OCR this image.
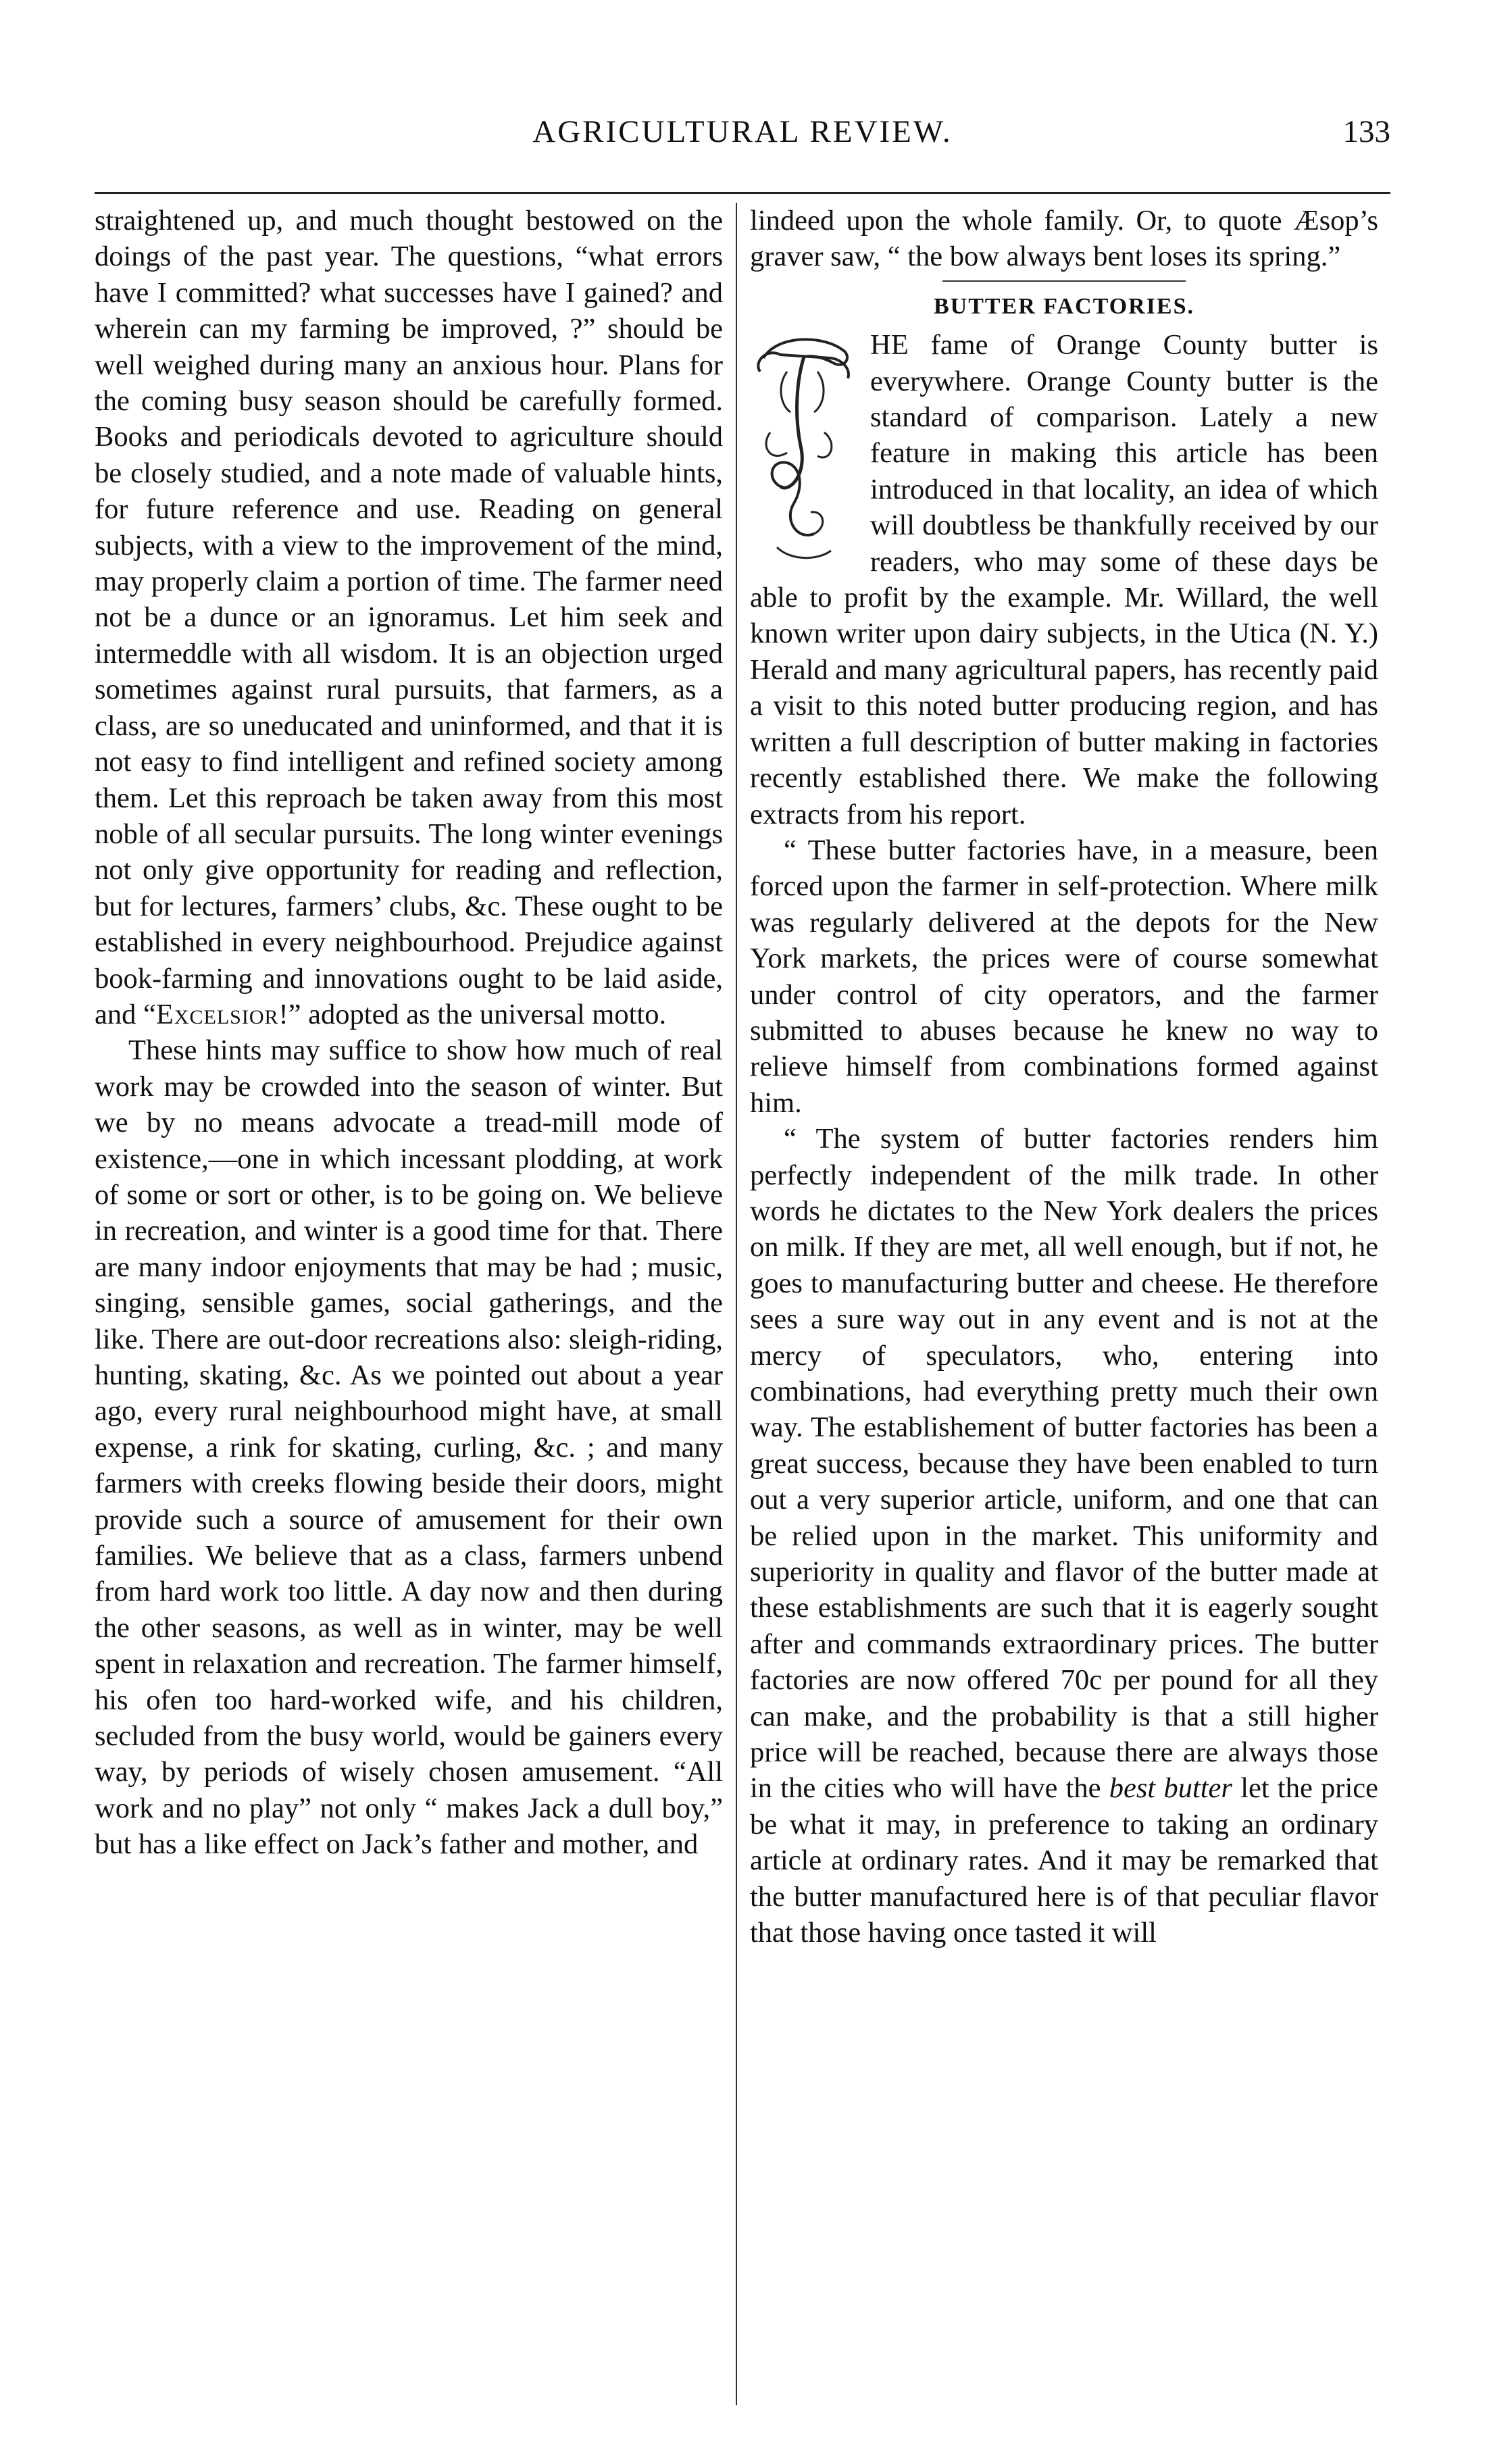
AGRICULTURAL REVIEW.	133

straightened up, and much thought bestowed on the doings of the past year. The questions, “what errors have I committed? what successes have I gained? and wherein can my farming be improved, ?” should be well weighed during many an anxious hour. Plans for the coming busy season should be carefully formed. Books and periodicals devoted to agriculture should be closely studied, and a note made of valuable hints, for future reference and use. Reading on general subjects, with a view to the improvement of the mind, may properly claim a portion of time. The farmer need not be a dunce or an ignoramus. Let him seek and intermeddle with all wisdom. It is an objection urged sometimes against rural pursuits, that farmers, as a class, are so uneducated and uninformed, and that it is not easy to find intelligent and refined society among them. Let this reproach be taken away from this most noble of all secular pursuits. The long winter evenings not only give opportunity for reading and reflection, but for lectures, farmers’ clubs, &c. These ought to be established in every neighbourhood. Prejudice against book-farming and innovations ought to be laid aside, and “Excelsior!” adopted as the universal motto.

These hints may suffice to show how much of real work may be crowded into the season of winter. But we by no means advocate a tread-mill mode of existence,—one in which incessant plodding, at work of some or sort or other, is to be going on. We believe in recreation, and winter is a good time for that. There are many indoor enjoyments that may be had ; music, singing, sensible games, social gatherings, and the like. There are out-door recreations also: sleigh-riding, hunting, skating, &c. As we pointed out about a year ago, every rural neighbourhood might have, at small expense, a rink for skating, curling, &c. ; and many farmers with creeks flowing beside their doors, might provide such a source of amusement for their own families. We believe that as a class, farmers unbend from hard work too little. A day now and then during the other seasons, as well as in winter, may be well spent in relaxation and recreation. The farmer himself, his ofen too hard-worked wife, and his children, secluded from the busy world, would be gainers every way, by periods of wisely chosen amusement. “All work and no play” not only “ makes Jack a dull boy,” but has a like effect on Jack’s father and mother, and

lindeed upon the whole family. Or, to quote Æsop’s graver saw, “ the bow always bent loses its spring.”

BUTTER FACTORIES.

HE fame of Orange County butter is everywhere. Orange County butter is the standard of comparison. Lately a new feature in making this article has been introduced in that locality, an idea of which will doubtless be thankfully received by our readers, who may some of these days be able to profit by the example. Mr. Willard, the well known writer upon dairy subjects, in the Utica (N. Y.) Herald and many agricultural papers, has recently paid a visit to this noted butter producing region, and has written a full description of butter making in factories recently established there. We make the following extracts from his report.

“ These butter factories have, in a measure, been forced upon the farmer in self-protection. Where milk was regularly delivered at the depots for the New York markets, the prices were of course somewhat under control of city operators, and the farmer submitted to abuses because he knew no way to relieve himself from combinations formed against him.

“ The system of butter factories renders him perfectly independent of the milk trade. In other words he dictates to the New York dealers the prices on milk. If they are met, all well enough, but if not, he goes to manufacturing butter and cheese. He therefore sees a sure way out in any event and is not at the mercy of speculators, who, entering into combinations, had everything pretty much their own way. The establishement of butter factories has been a great success, because they have been enabled to turn out a very superior article, uniform, and one that can be relied upon in the market. This uniformity and superiority in quality and flavor of the butter made at these establishments are such that it is eagerly sought after and commands extraordinary prices. The butter factories are now offered 70c per pound for all they can make, and the probability is that a still higher price will be reached, because there are always those in the cities who will have the best butter let the price be what it may, in preference to taking an ordinary article at ordinary rates. And it may be remarked that the butter manufactured here is of that peculiar flavor that those having once tasted it will
